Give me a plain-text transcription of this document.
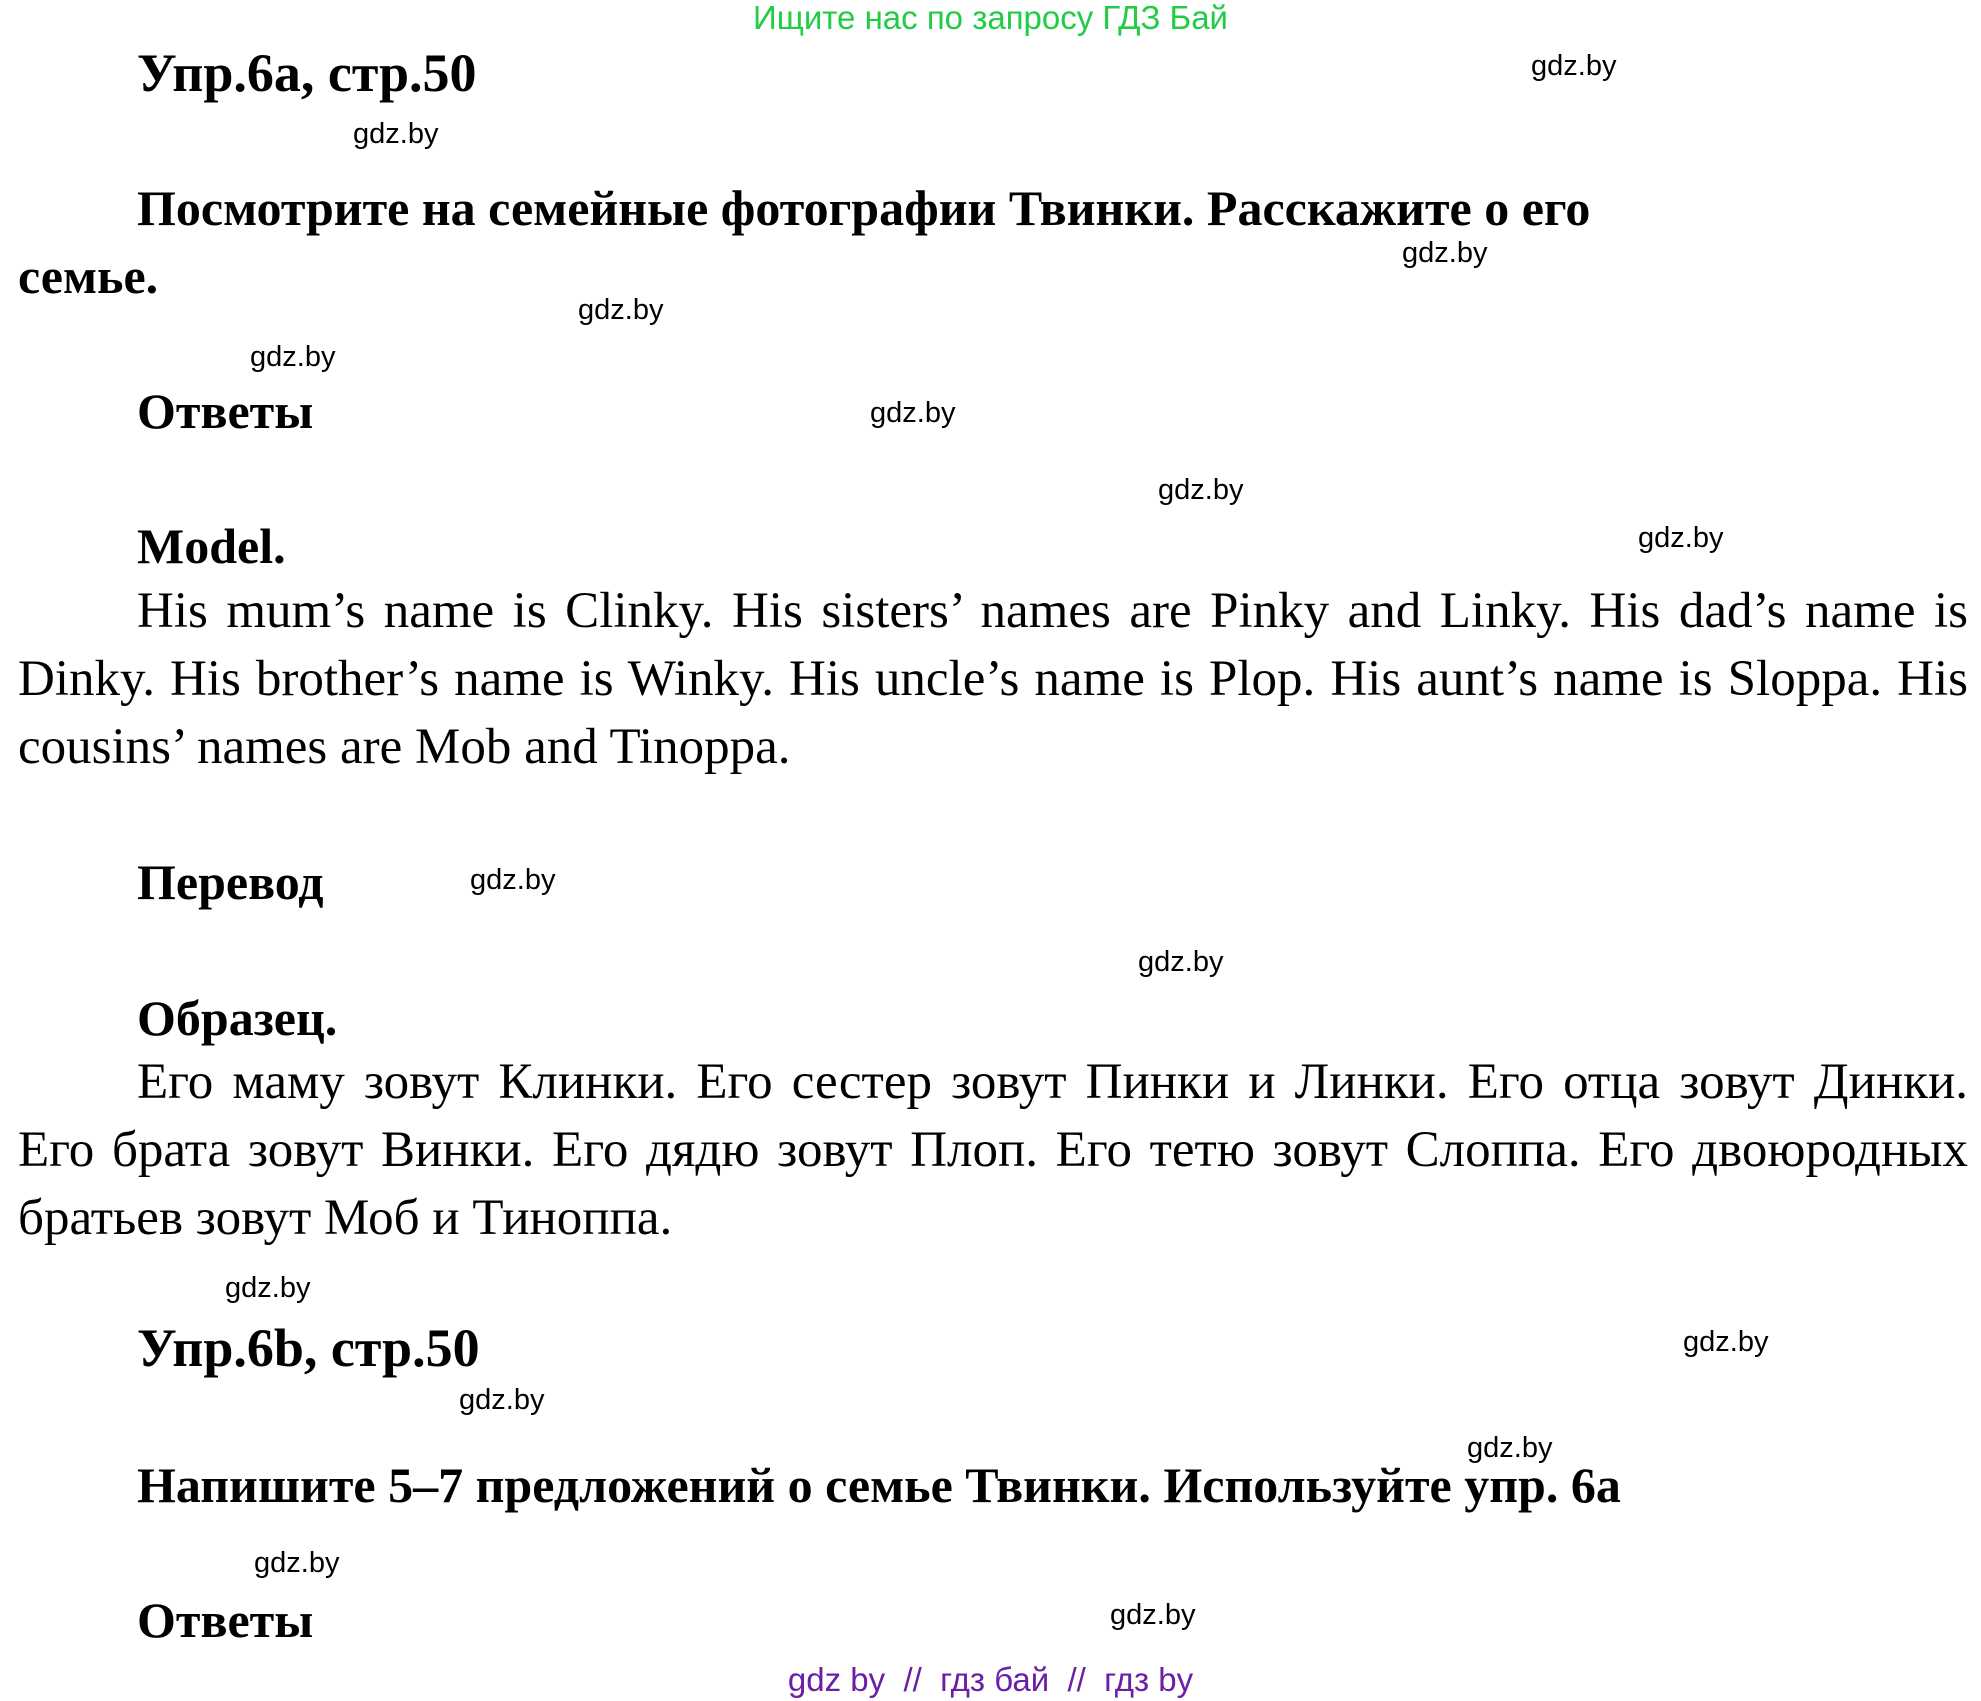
Ищите нас по запросу ГДЗ Бай
Упр.6а, стр.50
Посмотрите на семейные фотографии Твинки. Расскажите о его
семье.
Ответы
Model.
His mum’s name is Clinky. His sisters’ names are Pinky and Linky. His dad’s name is Dinky. His brother’s name is Winky. His uncle’s name is Plop. His aunt’s name is Sloppa. His cousins’ names are Mob and Tinoppa.
Перевод
Образец.
Его маму зовут Клинки. Его сестер зовут Пинки и Линки. Его отца зовут Динки. Его брата зовут Винки. Его дядю зовут Плоп. Его тетю зовут Слоппа. Его двоюродных братьев зовут Моб и Тиноппа.
Упр.6b, стр.50
Напишите 5–7 предложений о семье Твинки. Используйте упр. 6а
Ответы
gdz.by
gdz.by
gdz.by
gdz.by
gdz.by
gdz.by
gdz.by
gdz.by
gdz.by
gdz.by
gdz.by
gdz.by
gdz.by
gdz.by
gdz.by
gdz.by
gdz by  //  гдз бай  //  гдз by
